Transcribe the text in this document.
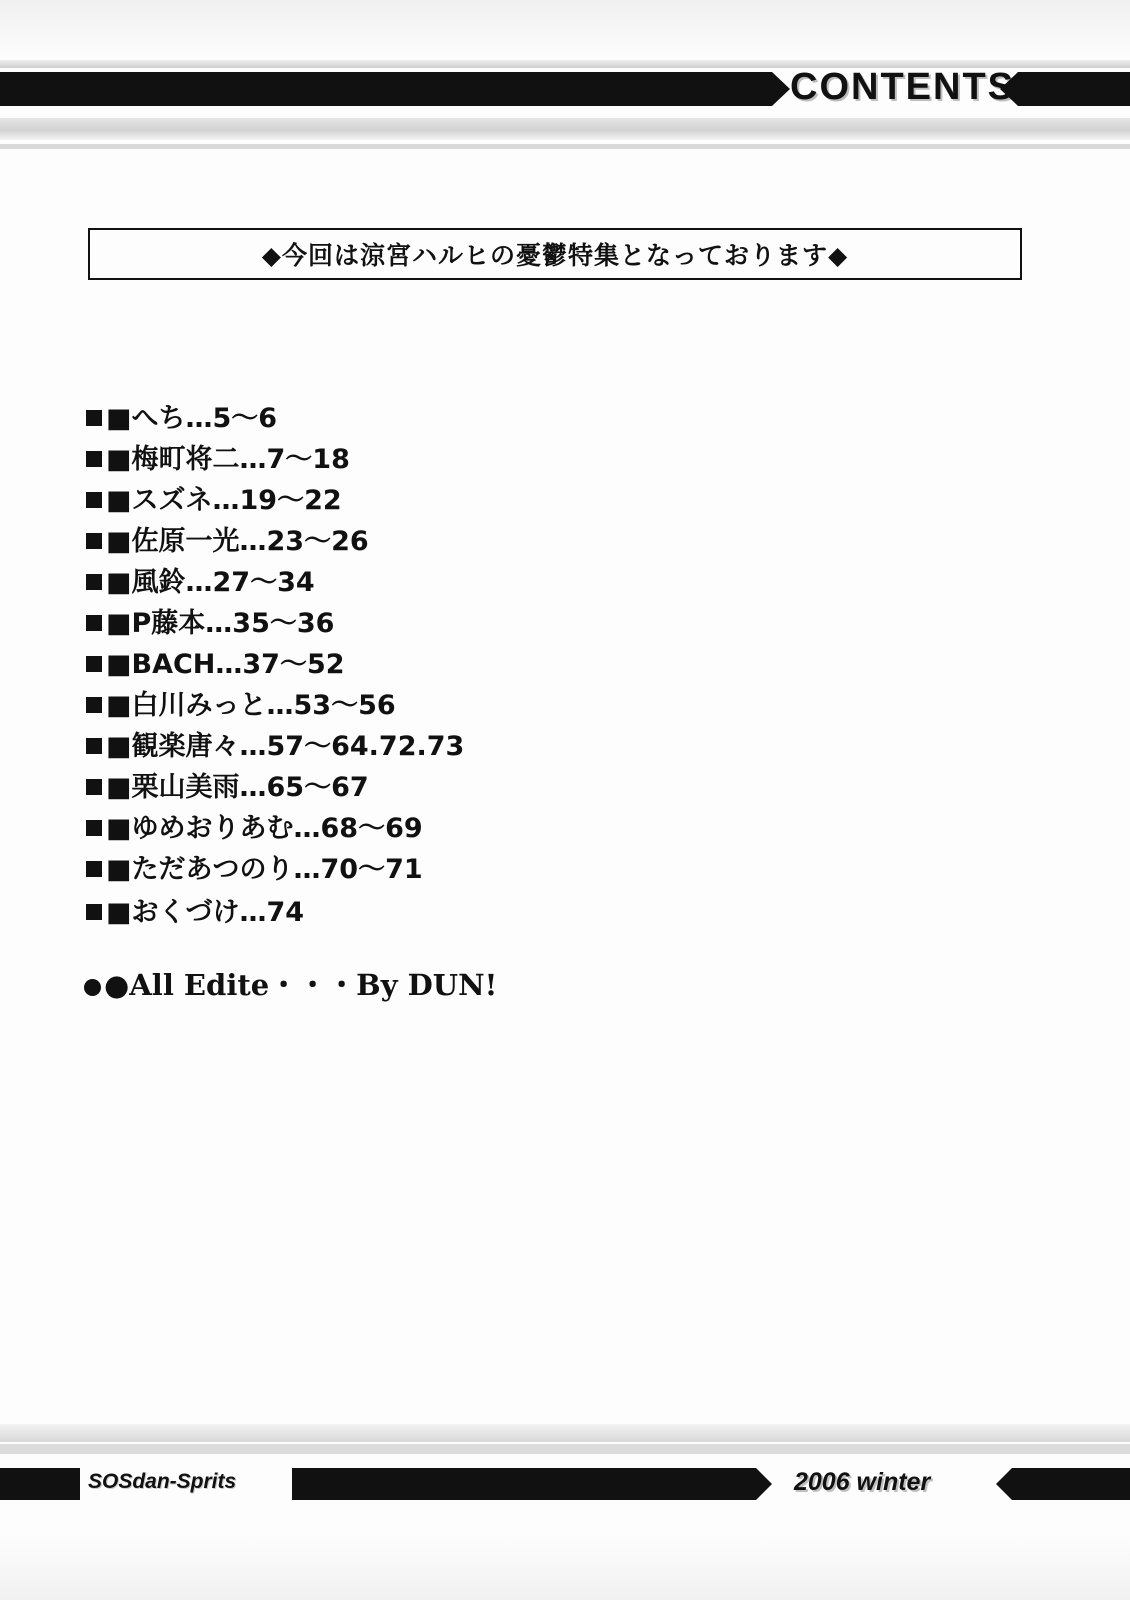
CONTENTS
◆今回は涼宮ハルヒの憂鬱特集となっております◆
■へち…5〜6
■梅町将二…7〜18
■スズネ…19〜22
■佐原一光…23〜26
■風鈴…27〜34
■P藤本…35〜36
■BACH…37〜52
■白川みっと…53〜56
■観楽唐々…57〜64.72.73
■栗山美雨…65〜67
■ゆめおりあむ…68〜69
■ただあつのり…70〜71
■おくづけ…74
●All Edite・・・By DUN!
SOSdan-Sprits	2006 winter
